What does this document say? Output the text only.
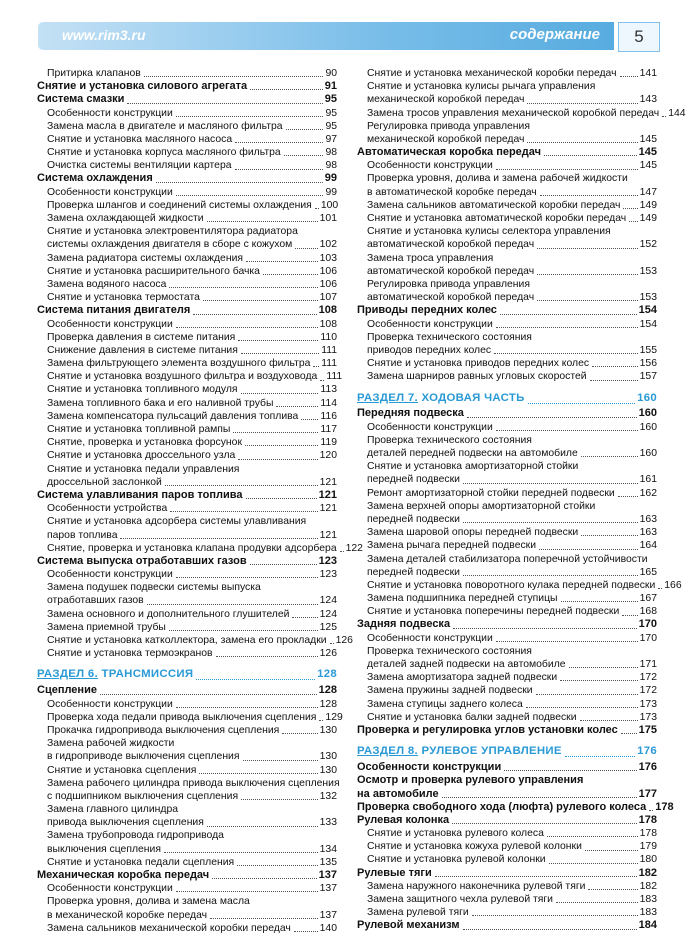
www.rim3.ru	содержание	5
Притирка клапанов	90
Снятие и установка силового агрегата	91
Система смазки	95
Особенности конструкции	95
Замена масла в двигателе и масляного фильтра	95
Снятие и установка масляного насоса	97
Снятие и установка корпуса масляного фильтра	98
Очистка системы вентиляции картера	98
Система охлаждения	99
Особенности конструкции	99
Проверка шлангов и соединений системы охлаждения 100
Замена охлаждающей жидкости	101
Снятие и установка электровентилятора радиатора
системы охлаждения двигателя в сборе с кожухом	102
Замена радиатора системы охлаждения	103
Снятие и установка расширительного бачка	106
Замена водяного насоса	106
Снятие и установка термостата	107
Система питания двигателя	108
Особенности конструкции	108
Проверка давления в системе питания	110
Снижение давления в системе питания	111
Замена фильтрующего элемента воздушного фильтра 111
Снятие и установка воздушного фильтра и воздуховода 111
Снятие и установка топливного модуля	113
Замена топливного бака и его наливной трубы	114
Замена компенсатора пульсаций давления топлива 116
Снятие и установка топливной рампы	117
Снятие, проверка и установка форсунок	119
Снятие и установка дроссельного узла	120
Снятие и установка педали управления
дроссельной заслонкой	121
Система улавливания паров топлива	121
Особенности устройства	121
Снятие и установка адсорбера системы улавливания
паров топлива	121
Снятие, проверка и установка клапана продувки адсорбера 122
Система выпуска отработавших газов	123
Особенности конструкции	123
Замена подушек подвески системы выпуска
отработавших газов	124
Замена основного и дополнительного глушителей	124
Замена приемной трубы	125
Снятие и установка катколлектора, замена его прокладки 126
Снятие и установка термоэкранов	126
РАЗДЕЛ 6.
ТРАНСМИССИЯ	128
Сцепление	128
Особенности конструкции	128
Проверка хода педали привода выключения сцепления 129
Прокачка гидропривода выключения сцепления	130
Замена рабочей жидкости
в гидроприводе выключения сцепления	130
Снятие и установка сцепления	130
Замена рабочего цилиндра привода выключения сцепления
с подшипником выключения сцепления	132
Замена главного цилиндра
привода выключения сцепления	133
Замена трубопровода гидропривода
выключения сцепления	134
Снятие и установка педали сцепления	135
Механическая коробка передач	137
Особенности конструкции	137
Проверка уровня, долива и замена масла
в механической коробке передач	137
Замена сальников механической коробки передач	140
Снятие и установка механической коробки передач 141
Снятие и установка кулисы рычага управления
механической коробкой передач	143
Замена тросов управления механической коробкой передач 144
Регулировка привода управления
механической коробкой передач	145
Автоматическая коробка передач	145
Особенности конструкции	145
Проверка уровня, долива и замена рабочей жидкости
в автоматической коробке передач	147
Замена сальников автоматической коробки передач 149
Снятие и установка автоматической коробки передач 149
Снятие и установка кулисы селектора управления
автоматической коробкой передач	152
Замена троса управления
автоматической коробкой передач	153
Регулировка привода управления
автоматической коробкой передач	153
Приводы передних колес	154
Особенности конструкции	154
Проверка технического состояния
приводов передних колес	155
Снятие и установка приводов передних колес	156
Замена шарниров равных угловых скоростей	157
РАЗДЕЛ 7.
ХОДОВАЯ ЧАСТЬ	160
Передняя подвеска	160
Особенности конструкции	160
Проверка технического состояния
деталей передней подвески на автомобиле	160
Снятие и установка амортизаторной стойки
передней подвески	161
Ремонт амортизаторной стойки передней подвески 162
Замена верхней опоры амортизаторной стойки
передней подвески	163
Замена шаровой опоры передней подвески	163
Замена рычага передней подвески	164
Замена деталей стабилизатора поперечной устойчивости
передней подвески	165
Снятие и установка поворотного кулака передней подвески 166
Замена подшипника передней ступицы	167
Снятие и установка поперечины передней подвески 168
Задняя подвеска	170
Особенности конструкции	170
Проверка технического состояния
деталей задней подвески на автомобиле	171
Замена амортизатора задней подвески	172
Замена пружины задней подвески	172
Замена ступицы заднего колеса	173
Снятие и установка балки задней подвески	173
Проверка и регулировка углов установки колес 175
РАЗДЕЛ 8.
РУЛЕВОЕ УПРАВЛЕНИЕ	176
Особенности конструкции	176
Осмотр и проверка рулевого управления
на автомобиле	177
Проверка свободного хода (люфта) рулевого колеса 178
Рулевая колонка	178
Снятие и установка рулевого колеса	178
Снятие и установка кожуха рулевой колонки	179
Снятие и установка рулевой колонки	180
Рулевые тяги	182
Замена наружного наконечника рулевой тяги	182
Замена защитного чехла рулевой тяги	183
Замена рулевой тяги	183
Рулевой механизм	184
